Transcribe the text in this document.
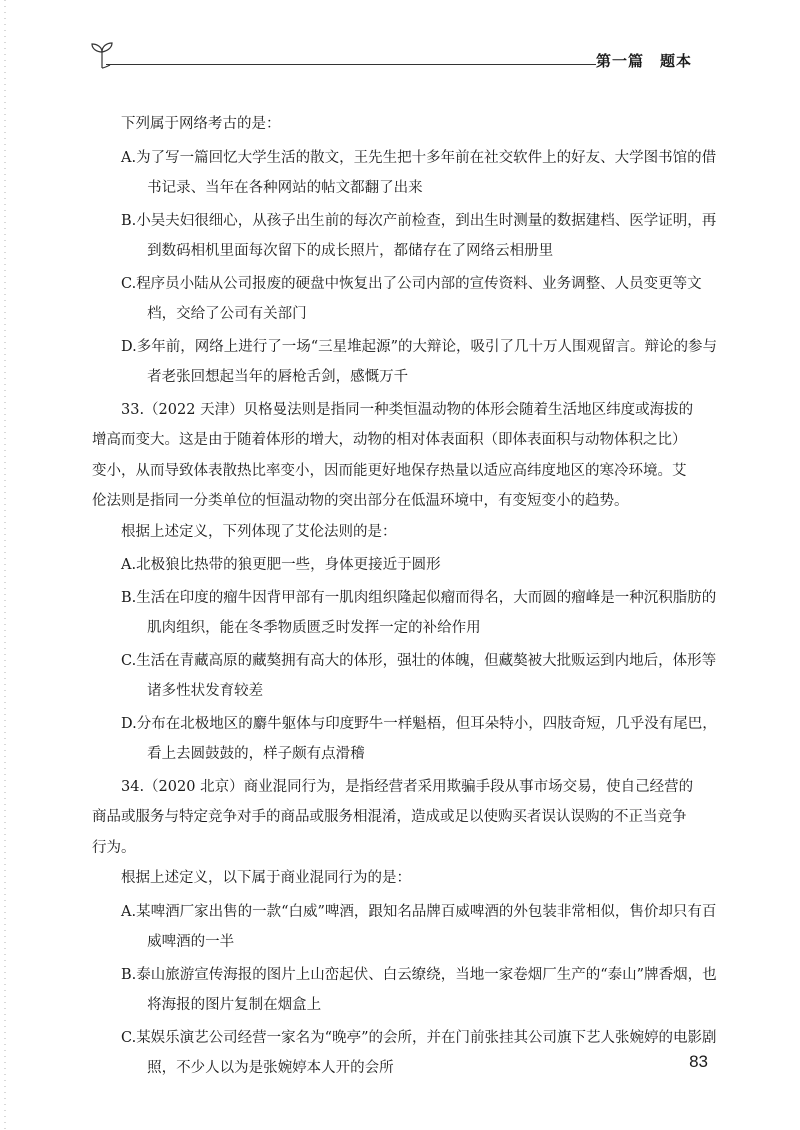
第一篇　题本

下列属于网络考古的是：

A.为了写一篇回忆大学生活的散文，王先生把十多年前在社交软件上的好友、大学图书馆的借书记录、当年在各种网站的帖文都翻了出来

B.小吴夫妇很细心，从孩子出生前的每次产前检查，到出生时测量的数据建档、医学证明，再到数码相机里面每次留下的成长照片，都储存在了网络云相册里

C.程序员小陆从公司报废的硬盘中恢复出了公司内部的宣传资料、业务调整、人员变更等文档，交给了公司有关部门

D.多年前，网络上进行了一场“三星堆起源”的大辩论，吸引了几十万人围观留言。辩论的参与者老张回想起当年的唇枪舌剑，感慨万千

33.（2022 天津）贝格曼法则是指同一种类恒温动物的体形会随着生活地区纬度或海拔的增高而变大。这是由于随着体形的增大，动物的相对体表面积（即体表面积与动物体积之比）变小，从而导致体表散热比率变小，因而能更好地保存热量以适应高纬度地区的寒冷环境。艾伦法则是指同一分类单位的恒温动物的突出部分在低温环境中，有变短变小的趋势。

根据上述定义，下列体现了艾伦法则的是：

A.北极狼比热带的狼更肥一些，身体更接近于圆形

B.生活在印度的瘤牛因背甲部有一肌肉组织隆起似瘤而得名，大而圆的瘤峰是一种沉积脂肪的肌肉组织，能在冬季物质匮乏时发挥一定的补给作用

C.生活在青藏高原的藏獒拥有高大的体形，强壮的体魄，但藏獒被大批贩运到内地后，体形等诸多性状发育较差

D.分布在北极地区的麝牛躯体与印度野牛一样魁梧，但耳朵特小，四肢奇短，几乎没有尾巴，看上去圆鼓鼓的，样子颇有点滑稽

34.（2020 北京）商业混同行为，是指经营者采用欺骗手段从事市场交易，使自己经营的商品或服务与特定竞争对手的商品或服务相混淆，造成或足以使购买者误认误购的不正当竞争行为。

根据上述定义，以下属于商业混同行为的是：

A.某啤酒厂家出售的一款“白威”啤酒，跟知名品牌百威啤酒的外包装非常相似，售价却只有百威啤酒的一半

B.泰山旅游宣传海报的图片上山峦起伏、白云缭绕，当地一家卷烟厂生产的“泰山”牌香烟，也将海报的图片复制在烟盒上

C.某娱乐演艺公司经营一家名为“晚亭”的会所，并在门前张挂其公司旗下艺人张婉婷的电影剧照，不少人以为是张婉婷本人开的会所	83
